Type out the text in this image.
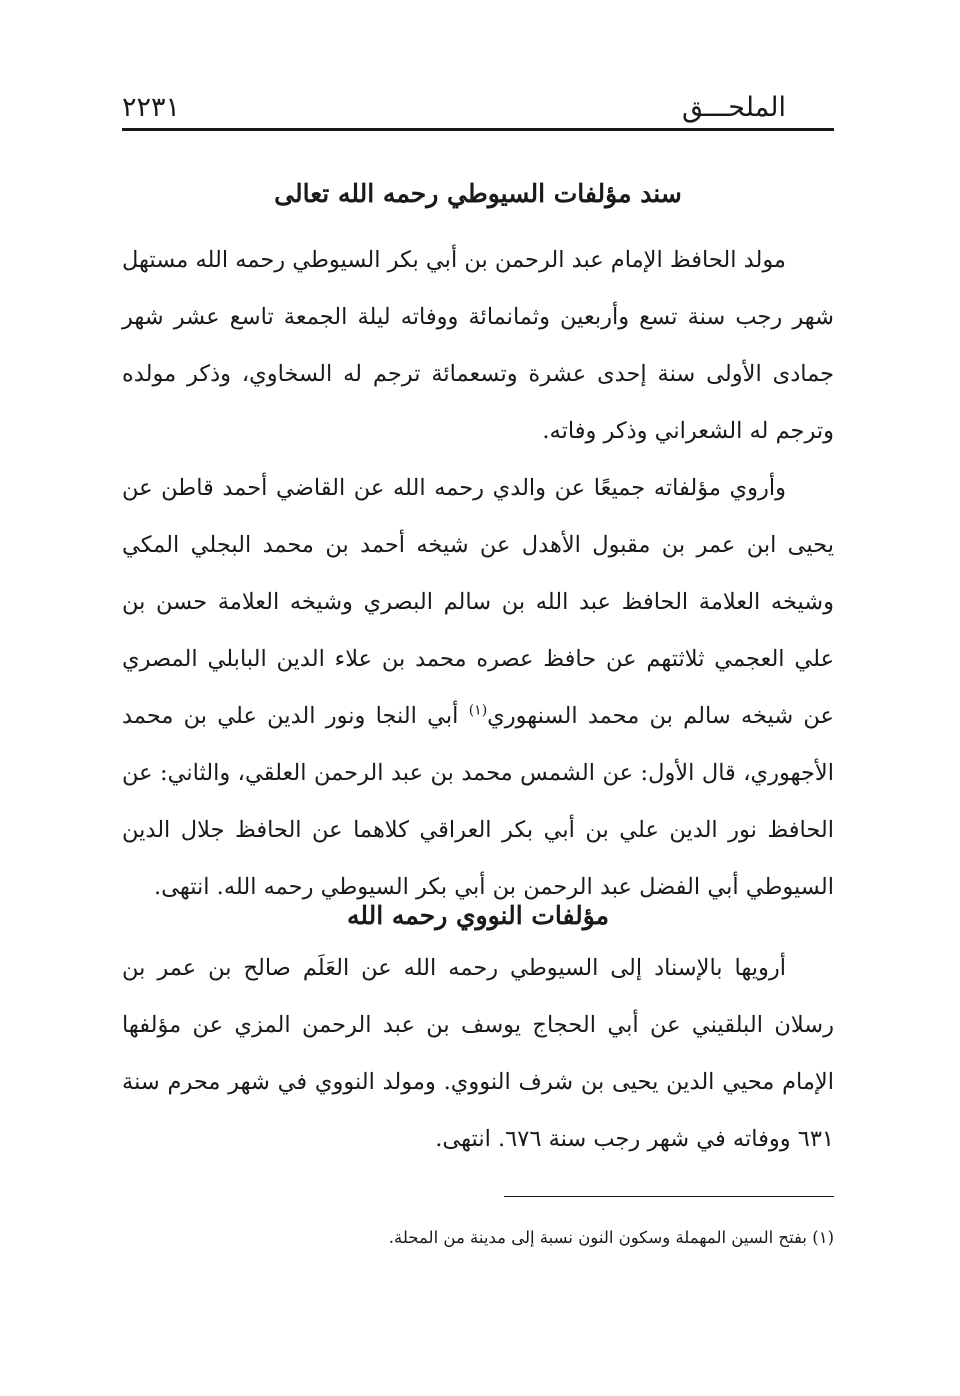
الملحـــق
٢٢٣١
سند مؤلفات السيوطي رحمه الله تعالى

مولد الحافظ الإمام عبد الرحمن بن أبي بكر السيوطي رحمه الله مستهل شهر رجب سنة تسع وأربعين وثمانمائة ووفاته ليلة الجمعة تاسع عشر شهر جمادى الأولى سنة إحدى عشرة وتسعمائة ترجم له السخاوي، وذكر مولده وترجم له الشعراني وذكر وفاته.

وأروي مؤلفاته جميعًا عن والدي رحمه الله عن القاضي أحمد قاطن عن يحيى ابن عمر بن مقبول الأهدل عن شيخه أحمد بن محمد البجلي المكي وشيخه العلامة الحافظ عبد الله بن سالم البصري وشيخه العلامة حسن بن علي العجمي ثلاثتهم عن حافظ عصره محمد بن علاء الدين البابلي المصري عن شيخه سالم بن محمد السنهوري$^{(١)}$ أبي النجا ونور الدين علي بن محمد الأجهوري، قال الأول: عن الشمس محمد بن عبد الرحمن العلقي، والثاني: عن الحافظ نور الدين علي بن أبي بكر العراقي كلاهما عن الحافظ جلال الدين السيوطي أبي الفضل عبد الرحمن بن أبي بكر السيوطي رحمه الله. انتهى.

مؤلفات النووي رحمه الله

أرويها بالإسناد إلى السيوطي رحمه الله عن العَلَم صالح بن عمر بن رسلان البلقيني عن أبي الحجاج يوسف بن عبد الرحمن المزي عن مؤلفها الإمام محيي الدين يحيى بن شرف النووي. ومولد النووي في شهر محرم سنة ٦٣١ ووفاته في شهر رجب سنة ٦٧٦. انتهى.

(١) بفتح السين المهملة وسكون النون نسبة إلى مدينة من المحلة.
